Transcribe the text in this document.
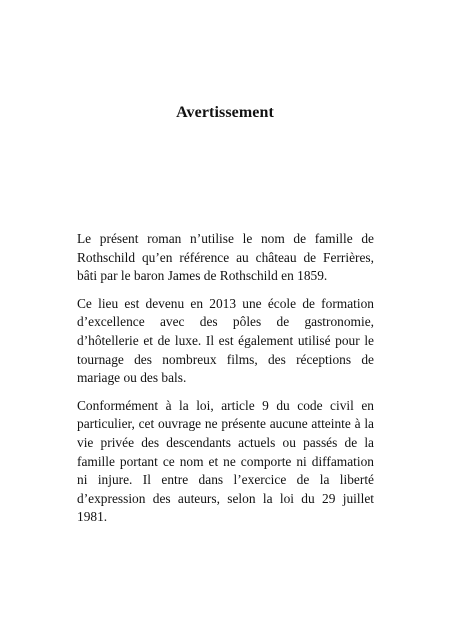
Avertissement

Le présent roman n’utilise le nom de famille de Rothschild qu’en référence au château de Ferrières, bâti par le baron James de Rothschild en 1859.

Ce lieu est devenu en 2013 une école de formation d’excellence avec des pôles de gastronomie, d’hôtellerie et de luxe. Il est également utilisé pour le tournage des nombreux films, des réceptions de mariage ou des bals.

Conformément à la loi, article 9 du code civil en particulier, cet ouvrage ne présente aucune atteinte à la vie privée des descendants actuels ou passés de la famille portant ce nom et ne comporte ni diffamation ni injure. Il entre dans l’exercice de la liberté d’expression des auteurs, selon la loi du 29 juillet 1981.
